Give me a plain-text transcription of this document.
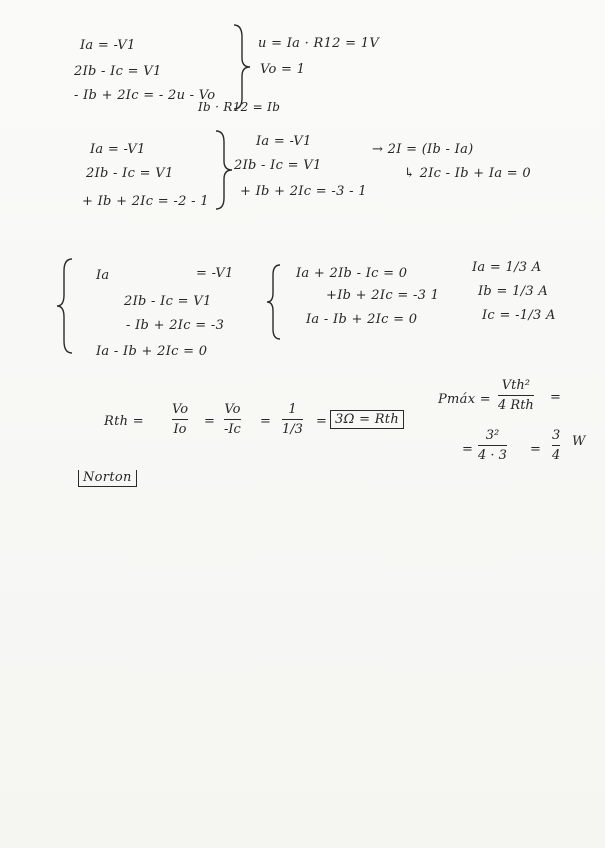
Ia = -V1
2Ib - Ic = V1
- Ib + 2Ic = - 2u - Vo
u = Ia · R12 = 1V
Vo = 1
Ib · R12 = Ib
Ia = -V1
2Ib - Ic = V1
+ Ib + 2Ic = -2 - 1
Ia = -V1
2Ib - Ic = V1
+ Ib + 2Ic = -3 - 1
→ 2I = (Ib - Ia)
↳ 2Ic - Ib + Ia = 0
Ia	= -V1
2Ib - Ic = V1
- Ib + 2Ic = -3
Ia - Ib + 2Ic = 0
Ia + 2Ib - Ic = 0
+Ib + 2Ic = -3 1
Ia - Ib + 2Ic = 0
Ia = 1/3 A
Ib = 1/3 A
Ic = -1/3 A
Rth =
Vo
Io
=
Vo
-Ic
=
1
1/3
= 3Ω = Rth
Pmáx =
Vth²
4 Rth
=
=
3²
4 · 3 =
3
4
W
Norton
